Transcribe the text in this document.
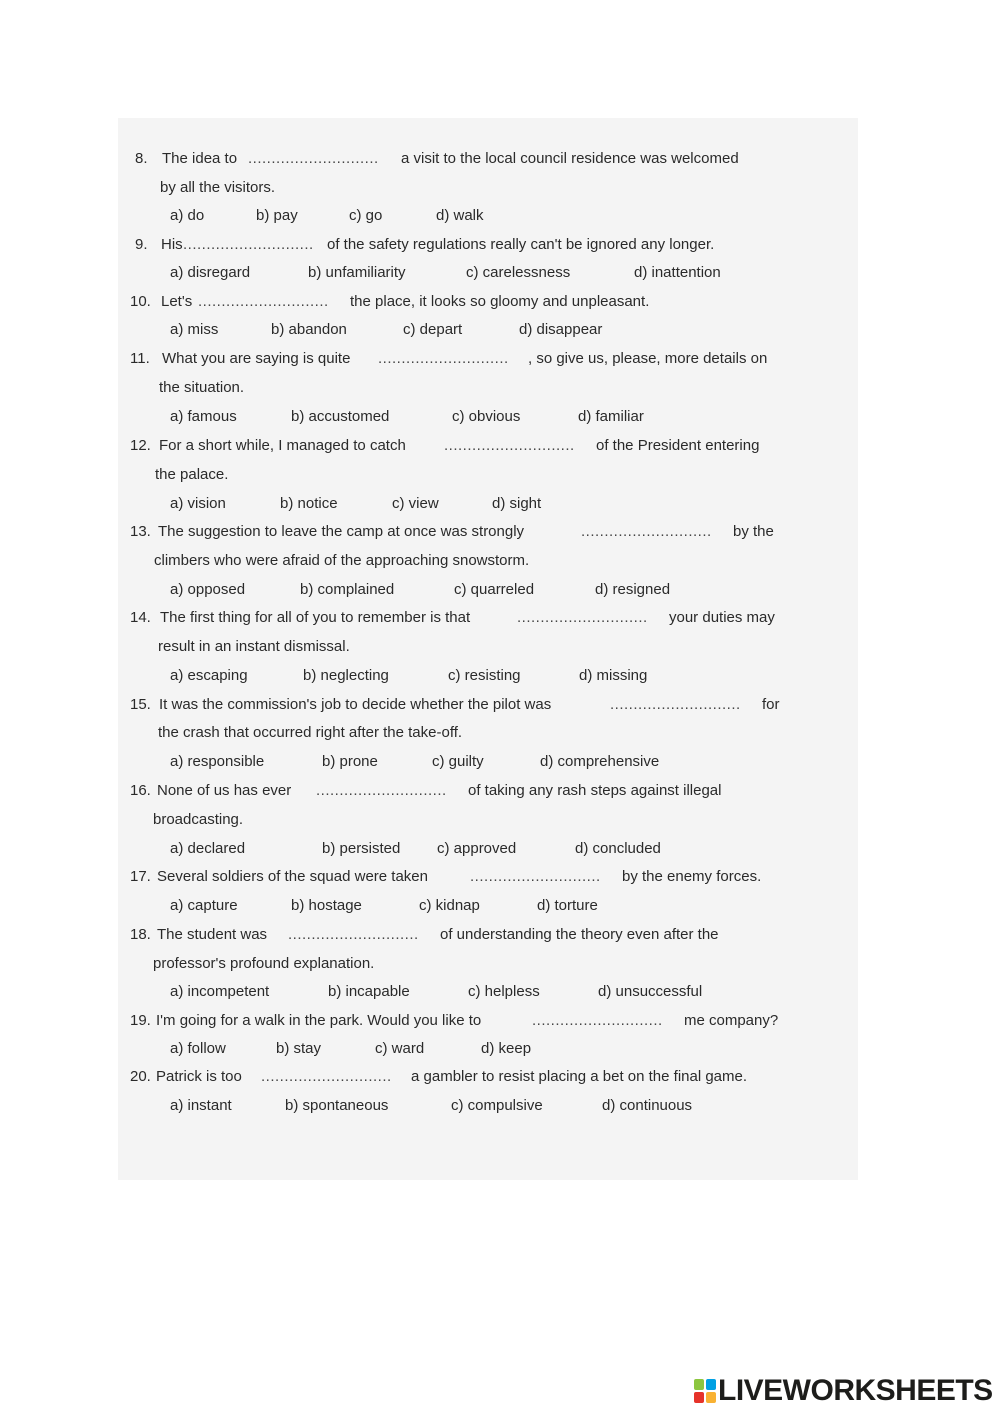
8. The idea to ............................ a visit to the local council residence was welcomed
by all the visitors.
a) do	b) pay	c) go	d) walk
9. His ............................ of the safety regulations really can't be ignored any longer.
a) disregard	b) unfamiliarity	c) carelessness	d) inattention
10. Let's ............................ the place, it looks so gloomy and unpleasant.
a) miss	b) abandon	c) depart	d) disappear
11. What you are saying is quite ............................ , so give us, please, more details on
the situation.
a) famous	b) accustomed	c) obvious	d) familiar
12. For a short while, I managed to catch	............................ of the President entering
the palace.
a) vision	b) notice	c) view	d) sight
13. The suggestion to leave the camp at once was strongly	............................ by the
climbers who were afraid of the approaching snowstorm.
a) opposed	b) complained	c) quarreled	d) resigned
14. The first thing for all of you to remember is that	............................ your duties may
result in an instant dismissal.
a) escaping	b) neglecting	c) resisting	d) missing
15. It was the commission's job to decide whether the pilot was	............................ for
the crash that occurred right after the take-off.
a) responsible	b) prone	c) guilty	d) comprehensive
16. None of us has ever ............................ of taking any rash steps against illegal
broadcasting.
a) declared	b) persisted c) approved	d) concluded
17. Several soldiers of the squad were taken	............................ by the enemy forces.
a) capture	b) hostage	c) kidnap	d) torture
18. The student was ............................ of understanding the theory even after the
professor's profound explanation.
a) incompetent	b) incapable	c) helpless	d) unsuccessful
19. I'm going for a walk in the park. Would you like to	............................ me company?
a) follow	b) stay	c) ward	d) keep
20. Patrick is too ............................ a gambler to resist placing a bet on the final game.
a) instant	b) spontaneous	c) compulsive	d) continuous
LIVEWORKSHEETS
